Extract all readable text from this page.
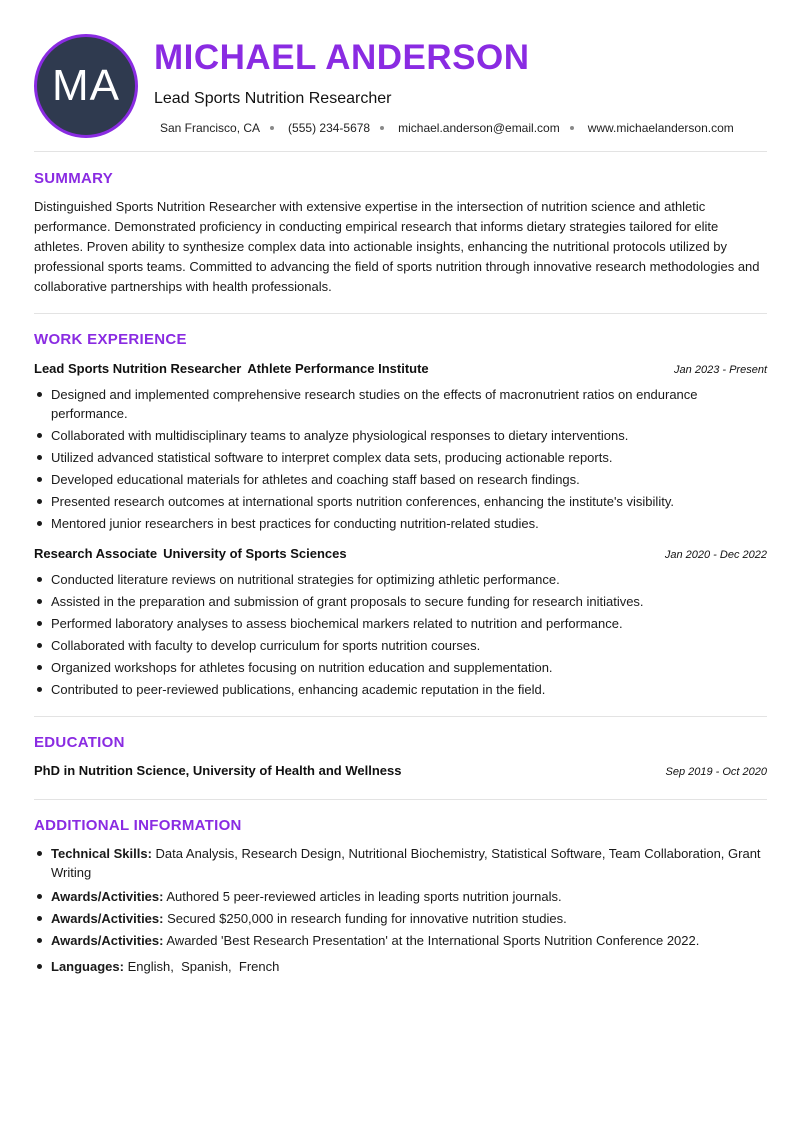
MA
MICHAEL ANDERSON
Lead Sports Nutrition Researcher
San Francisco, CA (555) 234-5678 michael.anderson@email.com www.michaelanderson.com
SUMMARY
Distinguished Sports Nutrition Researcher with extensive expertise in the intersection of nutrition science and athletic performance. Demonstrated proficiency in conducting empirical research that informs dietary strategies tailored for elite athletes. Proven ability to synthesize complex data into actionable insights, enhancing the nutritional protocols utilized by professional sports teams. Committed to advancing the field of sports nutrition through innovative research methodologies and collaborative partnerships with health professionals.
WORK EXPERIENCE
Lead Sports Nutrition Researcher Athlete Performance Institute	Jan 2023 - Present
Designed and implemented comprehensive research studies on the effects of macronutrient ratios on endurance performance.
Collaborated with multidisciplinary teams to analyze physiological responses to dietary interventions.
Utilized advanced statistical software to interpret complex data sets, producing actionable reports.
Developed educational materials for athletes and coaching staff based on research findings.
Presented research outcomes at international sports nutrition conferences, enhancing the institute's visibility.
Mentored junior researchers in best practices for conducting nutrition-related studies.
Research Associate University of Sports Sciences	Jan 2020 - Dec 2022
Conducted literature reviews on nutritional strategies for optimizing athletic performance.
Assisted in the preparation and submission of grant proposals to secure funding for research initiatives.
Performed laboratory analyses to assess biochemical markers related to nutrition and performance.
Collaborated with faculty to develop curriculum for sports nutrition courses.
Organized workshops for athletes focusing on nutrition education and supplementation.
Contributed to peer-reviewed publications, enhancing academic reputation in the field.
EDUCATION
PhD in Nutrition Science, University of Health and Wellness	Sep 2019 - Oct 2020
ADDITIONAL INFORMATION
Technical Skills: Data Analysis, Research Design, Nutritional Biochemistry, Statistical Software, Team Collaboration, Grant Writing
Awards/Activities: Authored 5 peer-reviewed articles in leading sports nutrition journals.
Awards/Activities: Secured $250,000 in research funding for innovative nutrition studies.
Awards/Activities: Awarded 'Best Research Presentation' at the International Sports Nutrition Conference 2022.
Languages: English,  Spanish,  French
